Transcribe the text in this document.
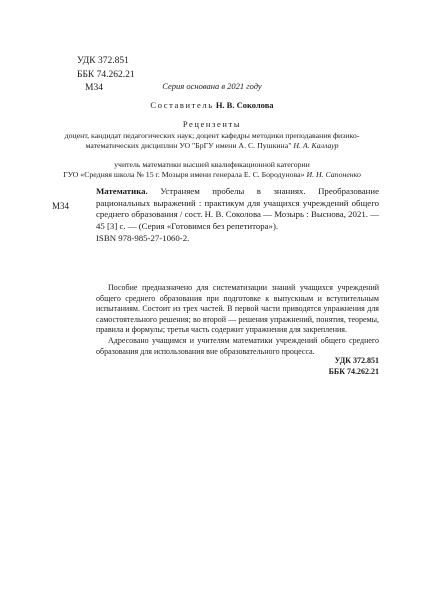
УДК 372.851
ББК 74.262.21
М34	Серия основана в 2021 году
Составитель Н. В. Соколова
Рецензенты
доцент, кандидат педагогических наук; доцент кафедры методики преподавания физико-математических дисциплин УО "БрГУ имени А. С. Пушкина" Н. А. Каллаур
учитель математики высшей квалификационной категории
ГУО «Средняя школа № 15 г. Мозыря имени генерала Е. С. Бородунова» И. Н. Сапоненко
М34
Математика. Устраняем пробелы в знаниях. Преобразование рациональных выражений : практикум для учащихся учреждений общего среднего образования / сост. Н. В. Соколова — Мозырь : Выснова, 2021. — 45 [3] с. — (Серия «Готовимся без репетитора»).
ISBN 978-985-27-1060-2.

Пособие предназначено для систематизации знаний учащихся учреждений общего среднего образования при подготовке к выпускным и вступительным испытаниям. Состоит из трех частей. В первой части приводятся упражнения для самостоятельного решения; во второй — решения упражнений, понятия, теоремы, правила и формулы; третья часть содержит упражнения для закрепления.

Адресовано учащимся и учителям математики учреждений общего среднего образования для использования вне образовательного процесса.

УДК 372.851
ББК 74.262.21
